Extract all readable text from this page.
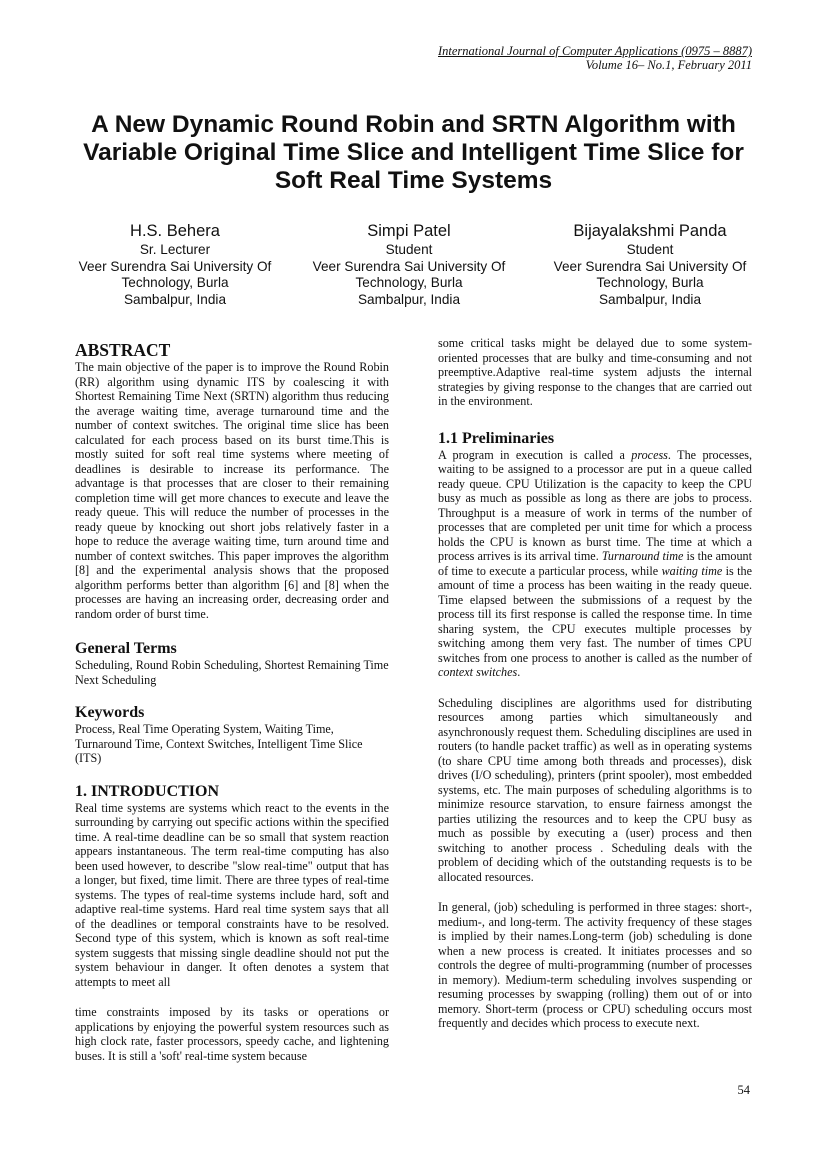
International Journal of Computer Applications (0975 – 8887)
Volume 16– No.1, February 2011
A New Dynamic Round Robin and SRTN Algorithm with Variable Original Time Slice and Intelligent Time Slice for Soft Real Time Systems
H.S. Behera
Sr. Lecturer
Veer Surendra Sai University Of
Technology, Burla
Sambalpur, India
Simpi Patel
Student
Veer Surendra Sai University Of
Technology, Burla
Sambalpur, India
Bijayalakshmi Panda
Student
Veer Surendra Sai University Of
Technology, Burla
Sambalpur, India
ABSTRACT

The main objective of the paper is to improve the Round Robin (RR) algorithm using dynamic ITS by coalescing it with Shortest Remaining Time Next (SRTN) algorithm thus reducing the average waiting time, average turnaround time and the number of context switches. The original time slice has been calculated for each process based on its burst time.This is mostly suited for soft real time systems where meeting of deadlines is desirable to increase its performance. The advantage is that processes that are closer to their remaining completion time will get more chances to execute and leave the ready queue. This will reduce the number of processes in the ready queue by knocking out short jobs relatively faster in a hope to reduce the average waiting time, turn around time and number of context switches. This paper improves the algorithm [8] and the experimental analysis shows that the proposed algorithm performs better than algorithm [6] and [8] when the processes are having an increasing order, decreasing order and random order of burst time.

General Terms

Scheduling, Round Robin Scheduling, Shortest Remaining Time Next Scheduling

Keywords

Process, Real Time Operating System, Waiting Time, Turnaround Time, Context Switches, Intelligent Time Slice (ITS)

1. INTRODUCTION

Real time systems are systems which react to the events in the surrounding by carrying out specific actions within the specified time. A real-time deadline can be so small that system reaction appears instantaneous. The term real-time computing has also been used however, to describe "slow real-time" output that has a longer, but fixed, time limit. There are three types of real-time systems. The types of real-time systems include hard, soft and adaptive real-time systems. Hard real time system says that all of the deadlines or temporal constraints have to be resolved. Second type of this system, which is known as soft real-time system suggests that missing single deadline should not put the system behaviour in danger. It often denotes a system that attempts to meet all

time constraints imposed by its tasks or operations or applications by enjoying the powerful system resources such as high clock rate, faster processors, speedy cache, and lightening buses. It is still a 'soft' real-time system because

some critical tasks might be delayed due to some system-oriented processes that are bulky and time-consuming and not preemptive.Adaptive real-time system adjusts the internal strategies by giving response to the changes that are carried out in the environment.

1.1 Preliminaries

A program in execution is called a process. The processes, waiting to be assigned to a processor are put in a queue called ready queue. CPU Utilization is the capacity to keep the CPU busy as much as possible as long as there are jobs to process. Throughput is a measure of work in terms of the number of processes that are completed per unit time for which a process holds the CPU is known as burst time. The time at which a process arrives is its arrival time. Turnaround time is the amount of time to execute a particular process, while waiting time is the amount of time a process has been waiting in the ready queue. Time elapsed between the submissions of a request by the process till its first response is called the response time. In time sharing system, the CPU executes multiple processes by switching among them very fast. The number of times CPU switches from one process to another is called as the number of context switches.

Scheduling disciplines are algorithms used for distributing resources among parties which simultaneously and asynchronously request them. Scheduling disciplines are used in routers (to handle packet traffic) as well as in operating systems (to share CPU time among both threads and processes), disk drives (I/O scheduling), printers (print spooler), most embedded systems, etc. The main purposes of scheduling algorithms is to minimize resource starvation, to ensure fairness amongst the parties utilizing the resources and to keep the CPU busy as much as possible by executing a (user) process and then switching to another process . Scheduling deals with the problem of deciding which of the outstanding requests is to be allocated resources.

In general, (job) scheduling is performed in three stages: short-, medium-, and long-term. The activity frequency of these stages is implied by their names.Long-term (job) scheduling is done when a new process is created. It initiates processes and so controls the degree of multi-programming (number of processes in memory). Medium-term scheduling involves suspending or resuming processes by swapping (rolling) them out of or into memory. Short-term (process or CPU) scheduling occurs most frequently and decides which process to execute next.

54
